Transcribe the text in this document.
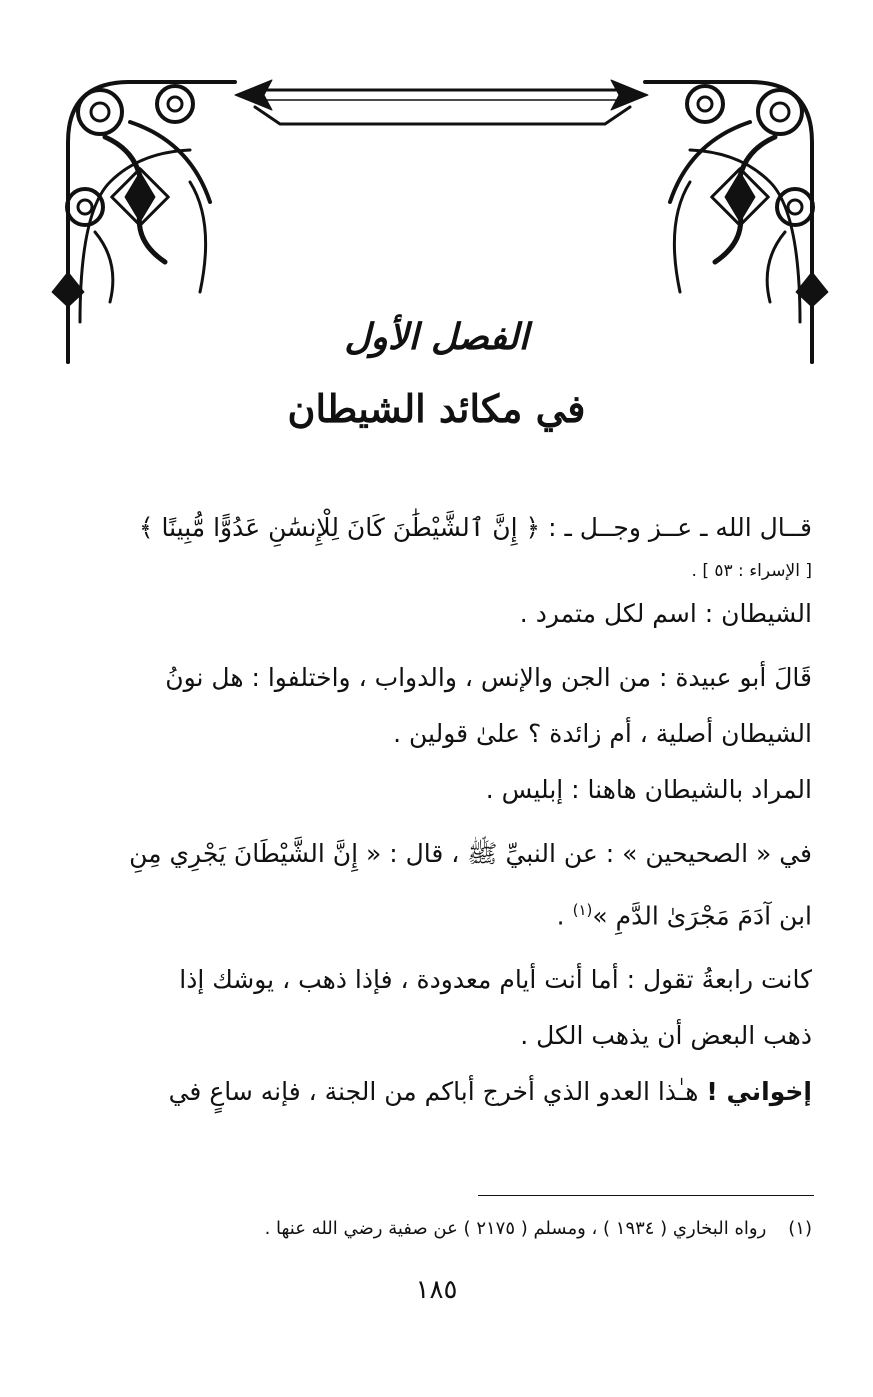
الفصل الأول
في مكائد الشيطان

قــال الله ـ عــز وجــل ـ : ﴿ إِنَّ ٱلشَّيْطَٰنَ كَانَ لِلْإِنسَٰنِ عَدُوًّا مُّبِينًا ﴾

[ الإسراء : ٥٣ ] .

الشيطان : اسم لكل متمرد .

قَالَ أبو عبيدة : من الجن والإنس ، والدواب ، واختلفوا : هل نونُ

الشيطان أصلية ، أم زائدة ؟ علىٰ قولين .

المراد بالشيطان هاهنا : إبليس .

في « الصحيحين » : عن النبيِّ ﷺ ، قال : « إِنَّ الشَّيْطَانَ يَجْرِي مِنِ

ابن آدَمَ مَجْرَىٰ الدَّمِ »$^{(١)}$ .

كانت رابعةُ تقول : أما أنت أيام معدودة ، فإذا ذهب ، يوشك إذا

ذهب البعض أن يذهب الكل .

إخواني ! هـٰذا العدو الذي أخرج أباكم من الجنة ، فإنه ساعٍ في

(١)رواه البخاري ( ١٩٣٤ ) ، ومسلم ( ٢١٧٥ ) عن صفية رضي الله عنها .
١٨٥
